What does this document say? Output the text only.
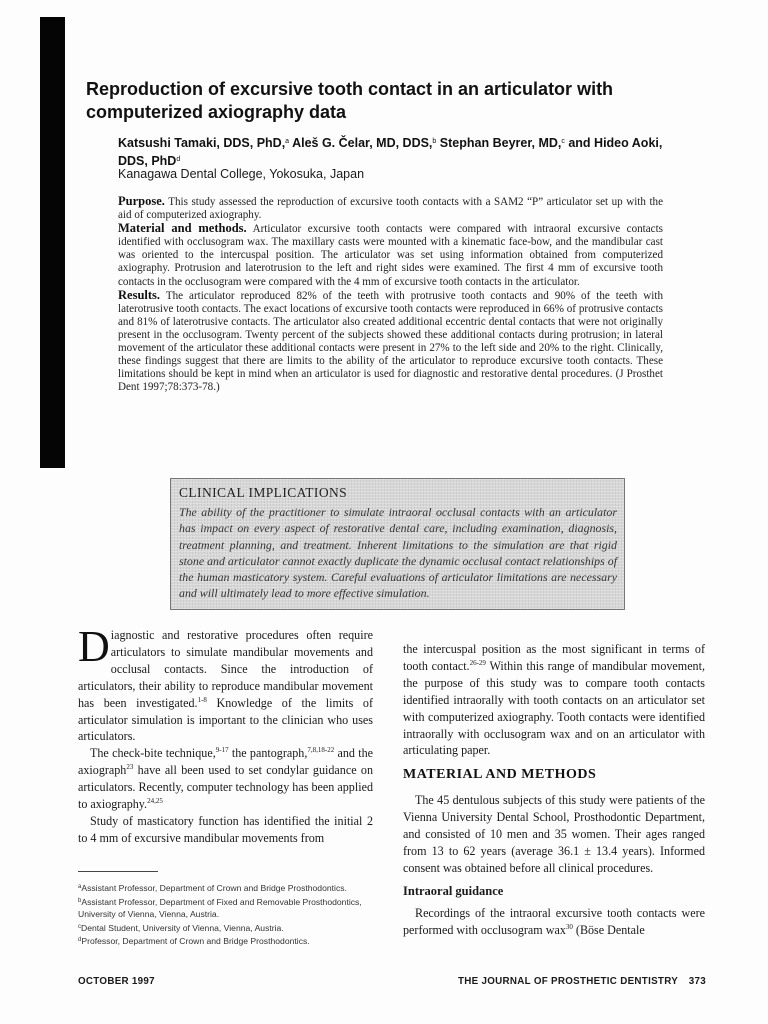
Reproduction of excursive tooth contact in an articulator with computerized axiography data
Katsushi Tamaki, DDS, PhD,$^a$ Aleš G. Čelar, MD, DDS,$^b$ Stephan Beyrer, MD,$^c$ and Hideo Aoki, DDS, PhD$^d$
Kanagawa Dental College, Yokosuka, Japan

Purpose. This study assessed the reproduction of excursive tooth contacts with a SAM2 “P” articulator set up with the aid of computerized axiography.

Material and methods. Articulator excursive tooth contacts were compared with intraoral excursive contacts identified with occlusogram wax. The maxillary casts were mounted with a kinematic face-bow, and the mandibular cast was oriented to the intercuspal position. The articulator was set using information obtained from computerized axiography. Protrusion and laterotrusion to the left and right sides were examined. The first 4 mm of excursive tooth contacts in the occlusogram were compared with the 4 mm of excursive tooth contacts in the articulator.

Results. The articulator reproduced 82% of the teeth with protrusive tooth contacts and 90% of the teeth with laterotrusive tooth contacts. The exact locations of excursive tooth contacts were reproduced in 66% of protrusive contacts and 81% of laterotrusive contacts. The articulator also created additional eccentric dental contacts that were not originally present in the occlusogram. Twenty percent of the subjects showed these additional contacts during protrusion; in lateral movement of the articulator these additional contacts were present in 27% to the left side and 20% to the right. Clinically, these findings suggest that there are limits to the ability of the articulator to reproduce excursive tooth contacts. These limitations should be kept in mind when an articulator is used for diagnostic and restorative dental procedures. (J Prosthet Dent 1997;78:373-78.)

CLINICAL IMPLICATIONS
The ability of the practitioner to simulate intraoral occlusal contacts with an articulator has impact on every aspect of restorative dental care, including examination, diagnosis, treatment planning, and treatment. Inherent limitations to the simulation are that rigid stone and articulator cannot exactly duplicate the dynamic occlusal contact relationships of the human masticatory system. Careful evaluations of articulator limitations are necessary and will ultimately lead to more effective simulation.

Diagnostic and restorative procedures often require articulators to simulate mandibular movements and occlusal contacts. Since the introduction of articulators, their ability to reproduce mandibular movement has been investigated.$^{1-8}$ Knowledge of the limits of articulator simulation is important to the clinician who uses articulators.

The check-bite technique,$^{9-17}$ the pantograph,$^{7,8,18-22}$ and the axiograph$^{23}$ have all been used to set condylar guidance on articulators. Recently, computer technology has been applied to axiography.$^{24,25}$

Study of masticatory function has identified the initial 2 to 4 mm of excursive mandibular movements from

the intercuspal position as the most significant in terms of tooth contact.$^{26-29}$ Within this range of mandibular movement, the purpose of this study was to compare tooth contacts identified intraorally with tooth contacts on an articulator set with computerized axiography. Tooth contacts were identified intraorally with occlusogram wax and on an articulator with articulating paper.

MATERIAL AND METHODS

The 45 dentulous subjects of this study were patients of the Vienna University Dental School, Prosthodontic Department, and consisted of 10 men and 35 women. Their ages ranged from 13 to 62 years (average 36.1 ± 13.4 years). Informed consent was obtained before all clinical procedures.

Intraoral guidance

Recordings of the intraoral excursive tooth contacts were performed with occlusogram wax$^{30}$ (Böse Dentale

$^a$Assistant Professor, Department of Crown and Bridge Prosthodontics.

$^b$Assistant Professor, Department of Fixed and Removable Prosthodontics, University of Vienna, Vienna, Austria.

$^c$Dental Student, University of Vienna, Vienna, Austria.

$^d$Professor, Department of Crown and Bridge Prosthodontics.

OCTOBER 1997	THE JOURNAL OF PROSTHETIC DENTISTRY 373
